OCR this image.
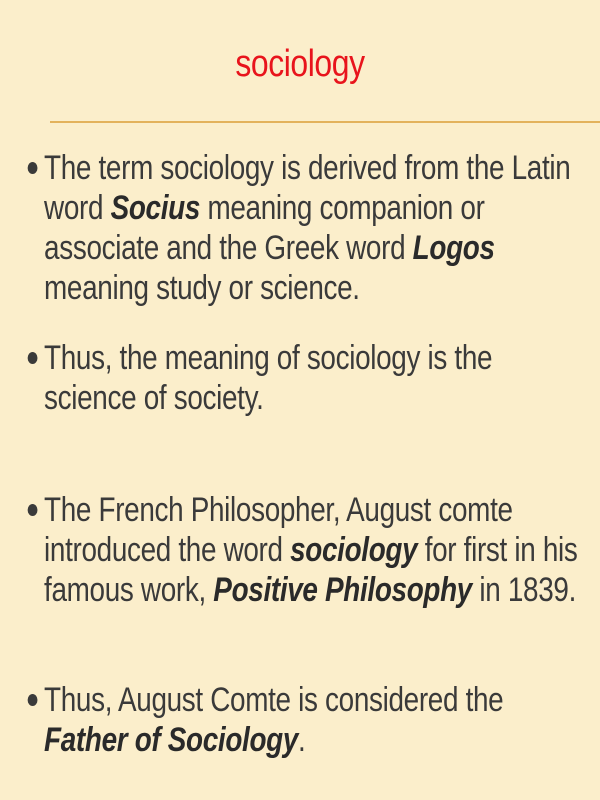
sociology
The term sociology is derived from the Latin word Socius meaning companion or associate and the Greek word Logos meaning study or science.
Thus, the meaning of sociology is the science of society.
The French Philosopher, August comte introduced the word sociology for first in his famous work, Positive Philosophy in 1839.
Thus, August Comte is considered the Father of Sociology.
